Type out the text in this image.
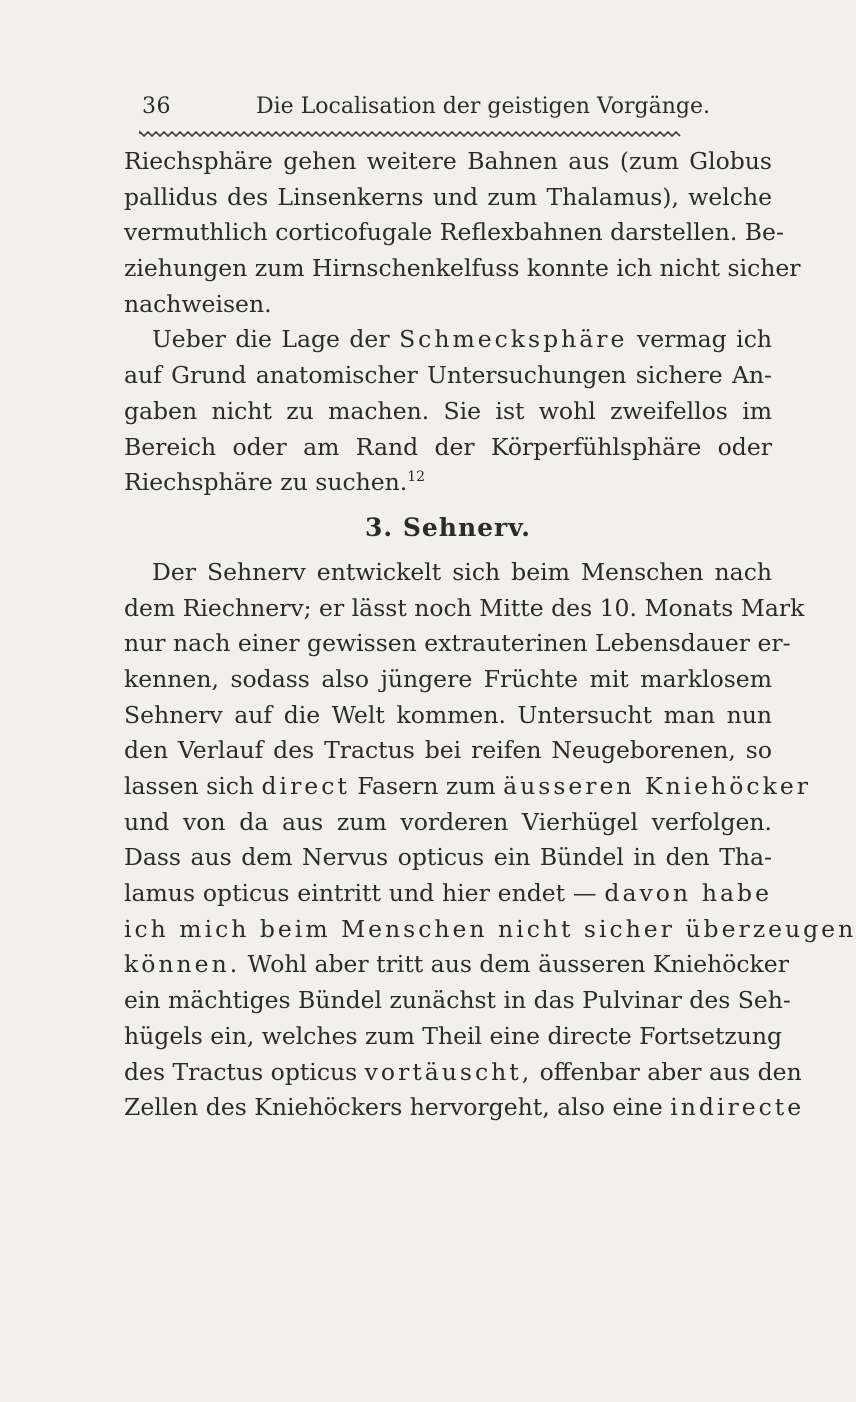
36	Die Localisation der geistigen Vorgänge.
Riechsphäre gehen weitere Bahnen aus (zum Globus
pallidus des Linsenkerns und zum Thalamus), welche
vermuthlich corticofugale Reflexbahnen darstellen. Be-
ziehungen zum Hirnschenkelfuss konnte ich nicht sicher
nachweisen.
Ueber die Lage der Schmecksphäre vermag ich
auf Grund anatomischer Untersuchungen sichere An-
gaben nicht zu machen. Sie ist wohl zweifellos im
Bereich oder am Rand der Körperfühlsphäre oder
Riechsphäre zu suchen.$^{12}$
3. Sehnerv.
Der Sehnerv entwickelt sich beim Menschen nach
dem Riechnerv; er lässt noch Mitte des 10. Monats Mark
nur nach einer gewissen extrauterinen Lebensdauer er-
kennen, sodass also jüngere Früchte mit marklosem
Sehnerv auf die Welt kommen. Untersucht man nun
den Verlauf des Tractus bei reifen Neugeborenen, so
lassen sich direct Fasern zum äusseren Kniehöcker
und von da aus zum vorderen Vierhügel verfolgen.
Dass aus dem Nervus opticus ein Bündel in den Tha-
lamus opticus eintritt und hier endet — davon habe
ich mich beim Menschen nicht sicher überzeugen
können. Wohl aber tritt aus dem äusseren Kniehöcker
ein mächtiges Bündel zunächst in das Pulvinar des Seh-
hügels ein, welches zum Theil eine directe Fortsetzung
des Tractus opticus vortäuscht, offenbar aber aus den
Zellen des Kniehöckers hervorgeht, also eine indirecte
